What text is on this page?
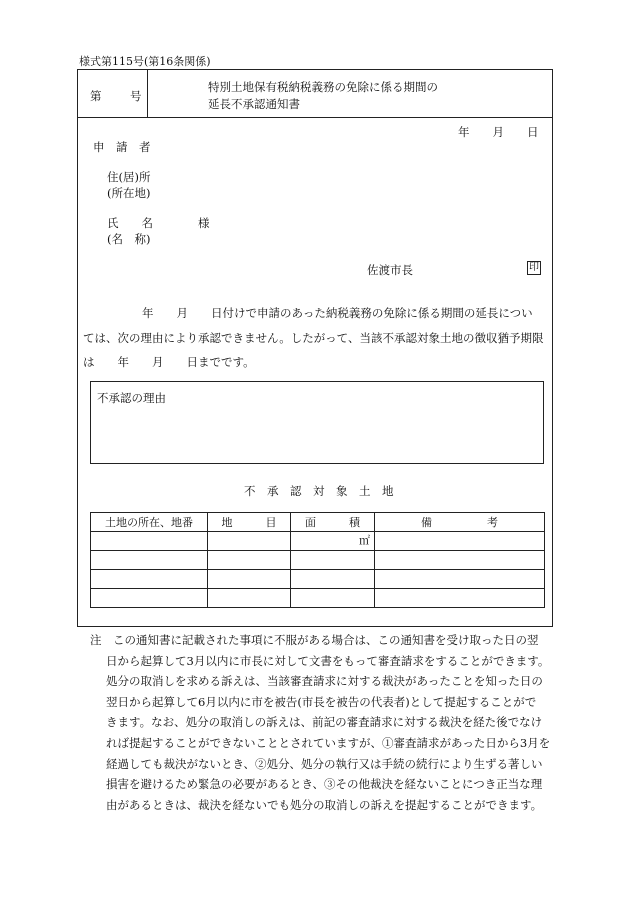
様式第115号(第16条関係)
第 号
特別土地保有税納税義務の免除に係る期間の
延長不承認通知書
年　　月　　日
申　請　者
住(居)所
(所在地)
氏　　名	様
(名　称)
佐渡市長	印
年　　月　　日付けで申請のあった納税義務の免除に係る期間の延長につい
ては、次の理由により承認できません。したがって、当該不承認対象土地の徴収猶予期限
は　　年　　月　　日までです。
不承認の理由
不　承　認　対　象　土　地
土地の所在、地番	地　　　目	面　　　積	備　　　　　考
		㎡	

注　この通知書に記載された事項に不服がある場合は、この通知書を受け取った日の翌
日から起算して3月以内に市長に対して文書をもって審査請求をすることができます。
処分の取消しを求める訴えは、当該審査請求に対する裁決があったことを知った日の
翌日から起算して6月以内に市を被告(市長を被告の代表者)として提起することがで
きます。なお、処分の取消しの訴えは、前記の審査請求に対する裁決を経た後でなけ
れば提起することができないこととされていますが、①審査請求があった日から3月を
経過しても裁決がないとき、②処分、処分の執行又は手続の続行により生ずる著しい
損害を避けるため緊急の必要があるとき、③その他裁決を経ないことにつき正当な理
由があるときは、裁決を経ないでも処分の取消しの訴えを提起することができます。
